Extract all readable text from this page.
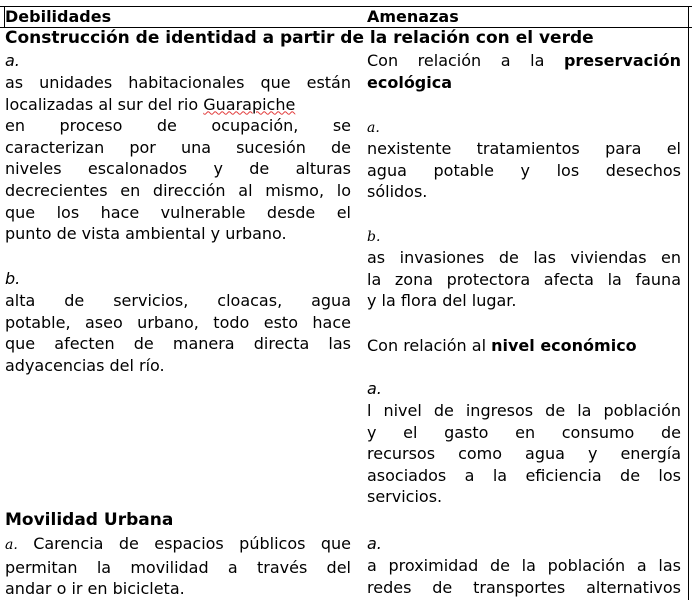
Debilidades	Amenazas
Construcción de identidad a partir de la relación con el verde
a.
as unidades habitacionales que están
localizadas al sur del rio Guarapiche
en proceso de ocupación, se
caracterizan por una sucesión de
niveles escalonados y de alturas
decrecientes en dirección al mismo, lo
que los hace vulnerable desde el
punto de vista ambiental y urbano.
b.
alta de servicios, cloacas, agua
potable, aseo urbano, todo esto hace
que afecten de manera directa las
adyacencias del río.
Con relación a la preservación
ecológica
a.
nexistente tratamientos para el
agua potable y los desechos
sólidos.
b.
as invasiones de las viviendas en
la zona protectora afecta la fauna
y la flora del lugar.
Con relación al nivel económico
a.
l nivel de ingresos de la población
y el gasto en consumo de
recursos como agua y energía
asociados a la eficiencia de los
servicios.
Movilidad Urbana
a. Carencia de espacios públicos que
permitan la movilidad a través del
andar o ir en bicicleta.
a.
a proximidad de la población a las
redes de transportes alternativos
